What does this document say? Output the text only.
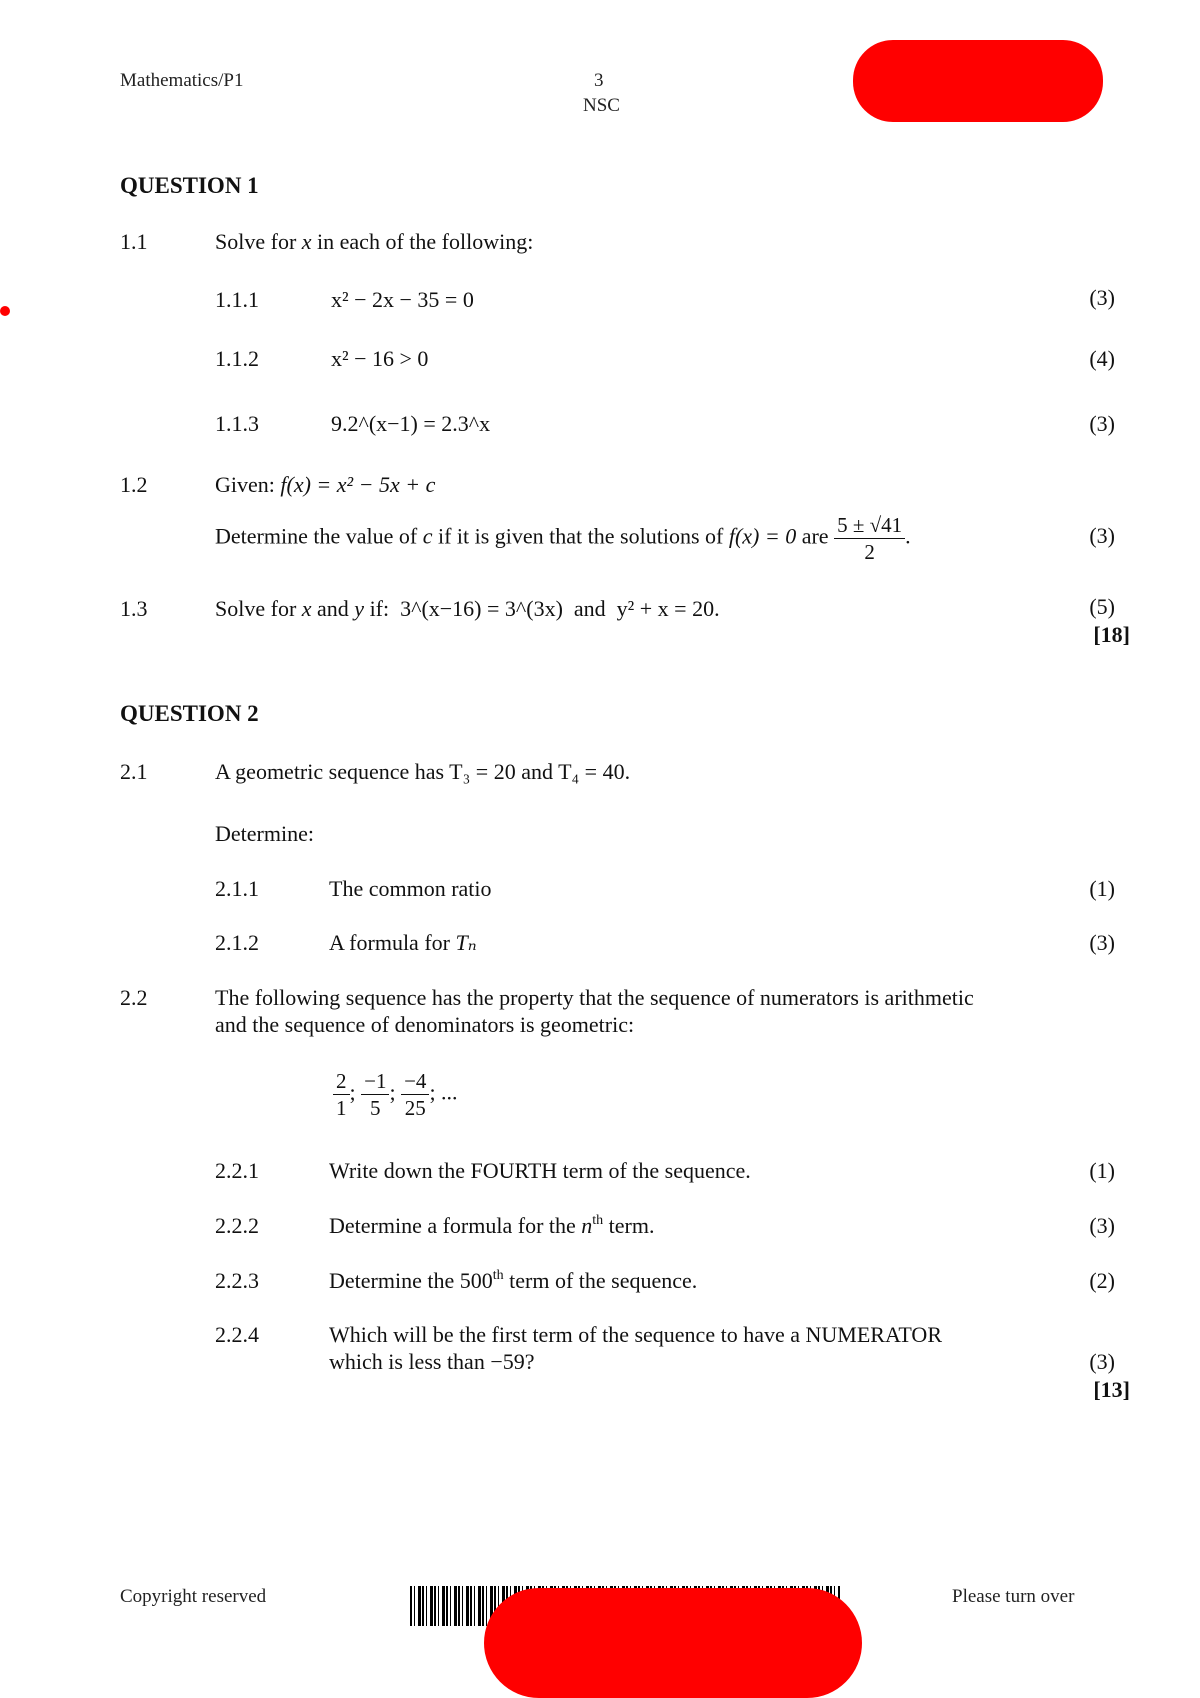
Mathematics/P1	3
NSC
QUESTION 1
1.1	Solve for x in each of the following:
1.1.1	x² − 2x − 35 = 0	(3)
1.1.2	x² − 16 > 0	(4)
1.1.3	9.2^(x−1) = 2.3^x	(3)
1.2	Given: f(x) = x² − 5x + c
Determine the value of c if it is given that the solutions of f(x) = 0 are $\frac{5 \pm √41}{2}$ .	(3)
1.3	Solve for x and y if: 3^(x−16) = 3^(3x) and y² + x = 20.	(5)
[18]
QUESTION 2
2.1	A geometric sequence has T₃ = 20 and T₄ = 40.
Determine:
2.1.1	The common ratio	(1)
2.1.2	A formula for Tₙ	(3)
2.2	The following sequence has the property that the sequence of numerators is arithmetic
and the sequence of denominators is geometric:
$\frac{2}{1}$ ; $\frac{-1}{5}$ ; $\frac{-4}{25}$ ; ...
2.2.1	Write down the FOURTH term of the sequence.	(1)
2.2.2	Determine a formula for the $n^{th}$ term.	(3)
2.2.3	Determine the 500th term of the sequence.	(2)
2.2.4	Which will be the first term of the sequence to have a NUMERATOR
which is less than −59?	(3)
[13]
Copyright reserved	Please turn over
